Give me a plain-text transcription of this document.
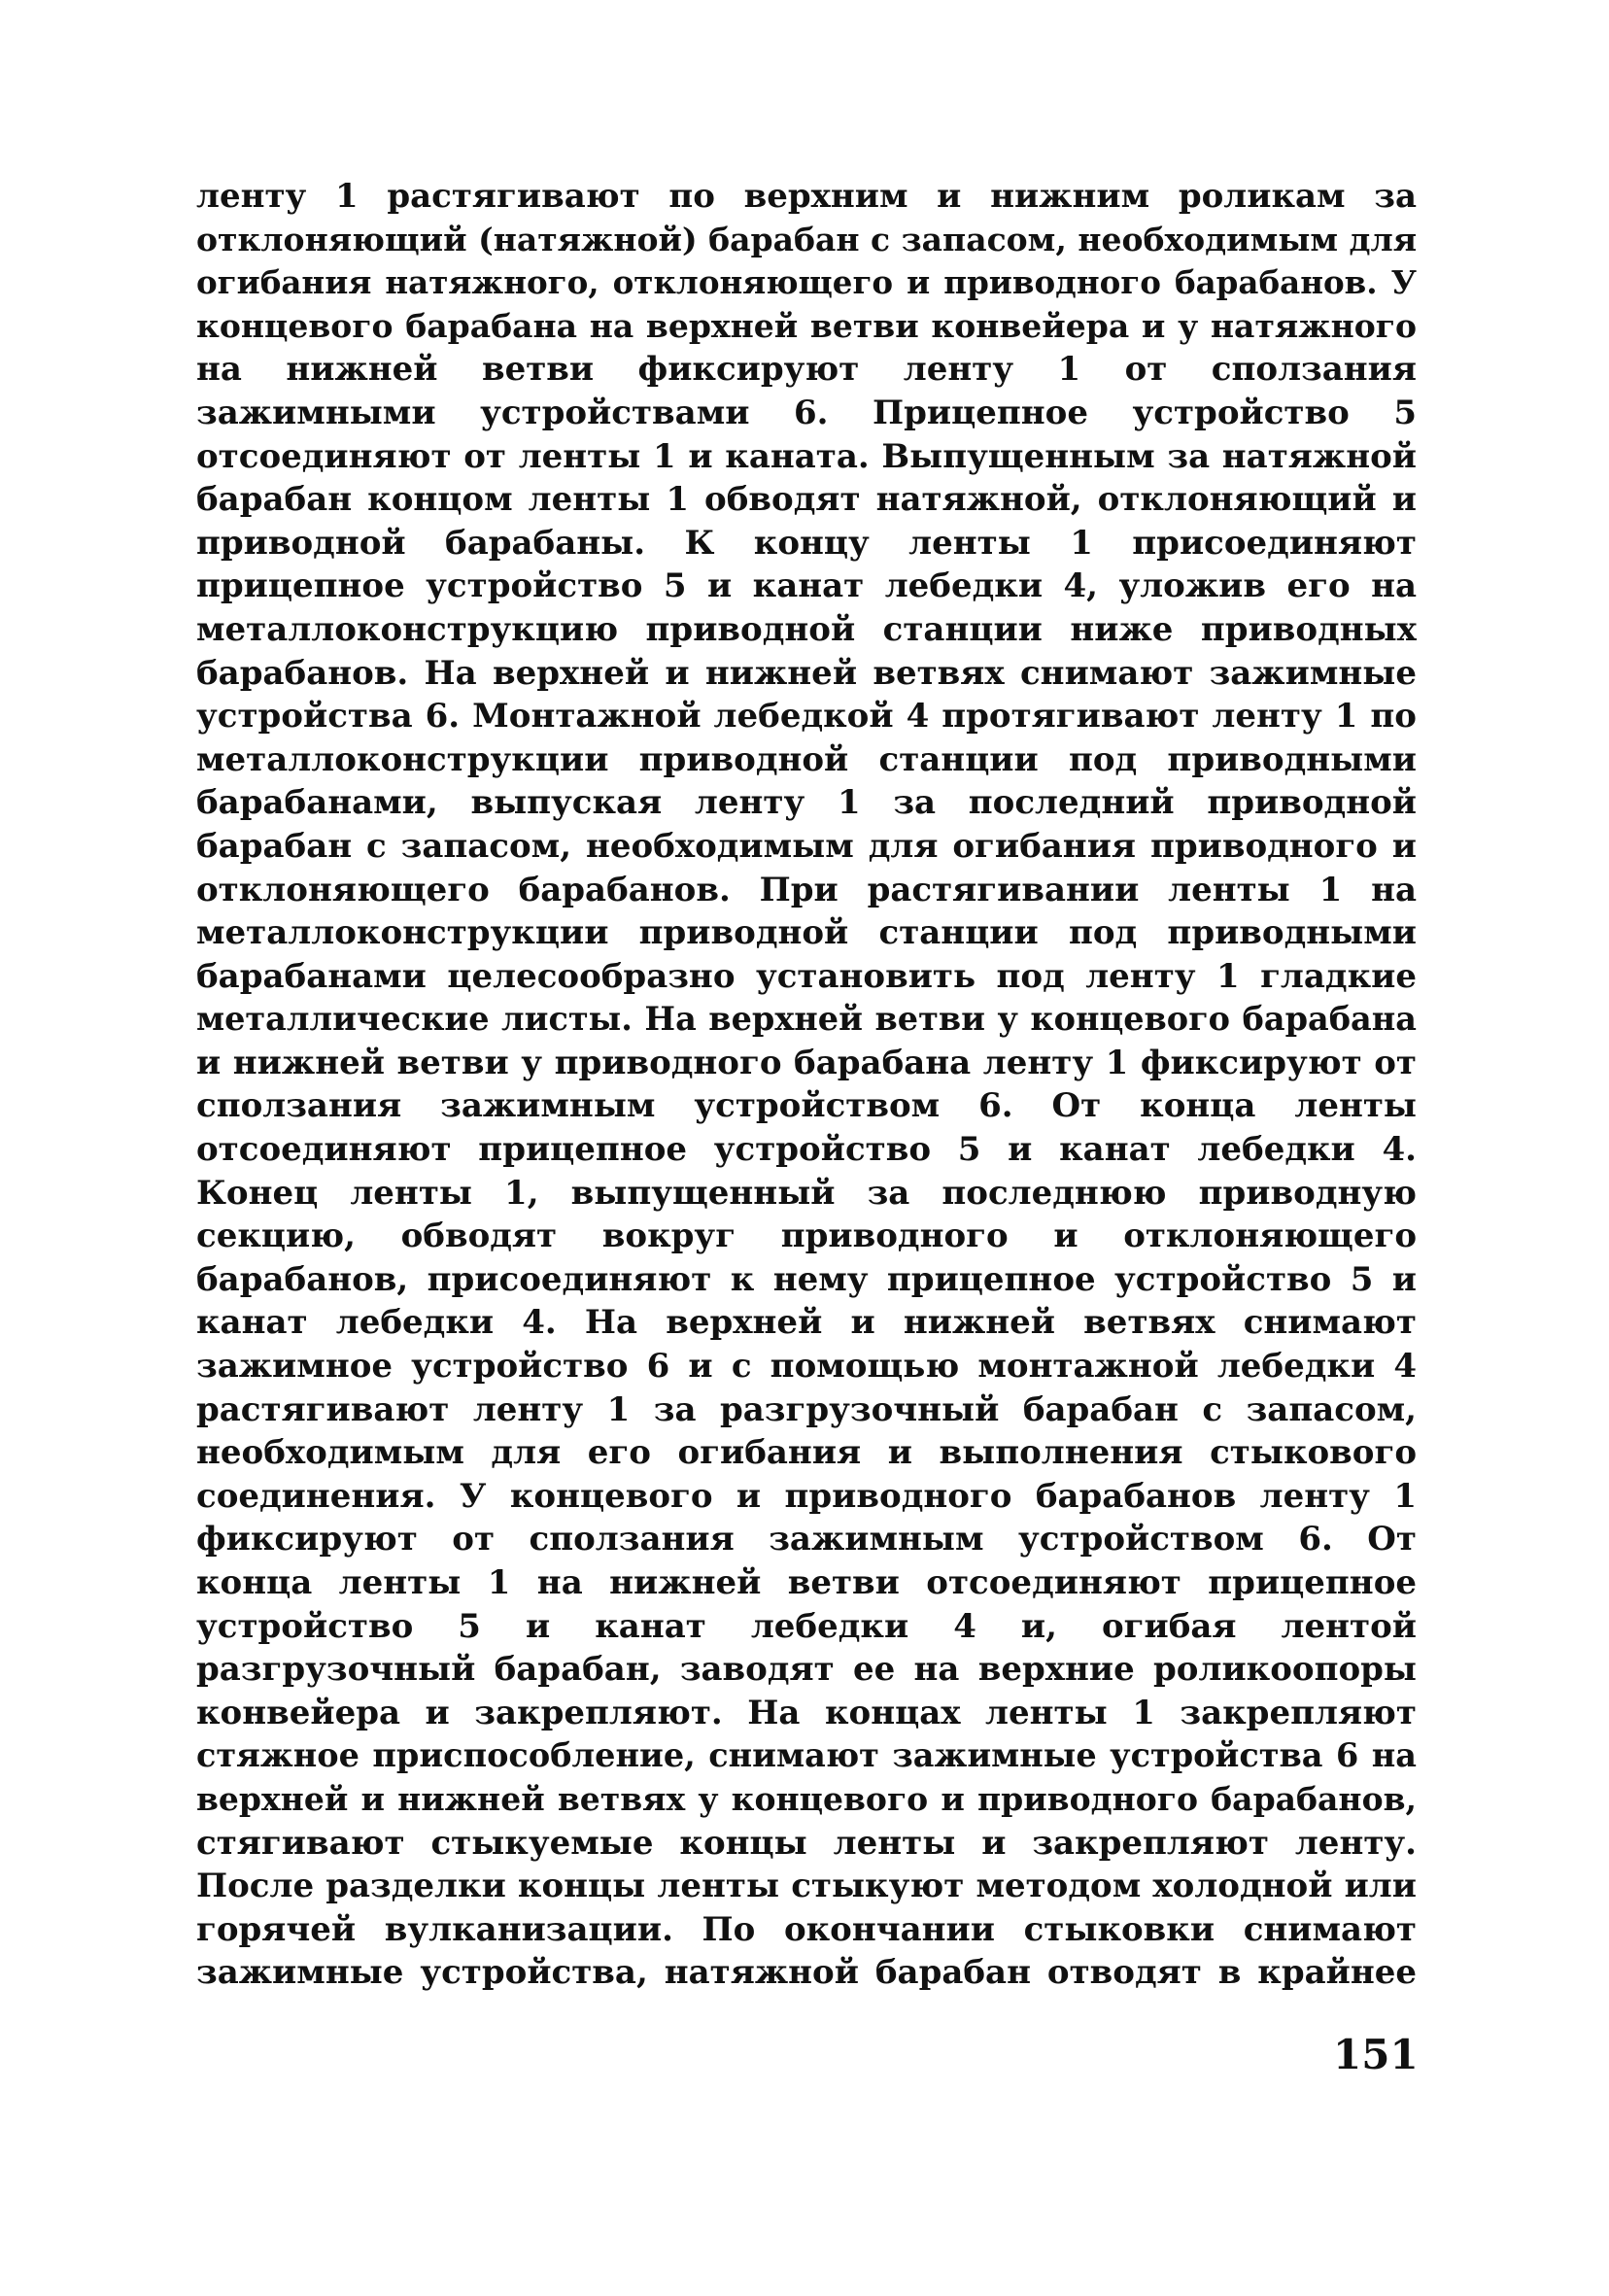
ленту 1 растягивают по верхним и нижним роликам за
отклоняющий (натяжной) барабан с запасом, необходимым для
огибания натяжного, отклоняющего и приводного барабанов. У
концевого барабана на верхней ветви конвейера и у натяжного
на нижней ветви фиксируют ленту 1 от сползания
зажимными устройствами 6. Прицепное устройство 5
отсоединяют от ленты 1 и каната. Выпущенным за натяжной
барабан концом ленты 1 обводят натяжной, отклоняющий и
приводной барабаны. К концу ленты 1 присоединяют
прицепное устройство 5 и канат лебедки 4, уложив его на
металлоконструкцию приводной станции ниже приводных
барабанов. На верхней и нижней ветвях снимают зажимные
устройства 6. Монтажной лебедкой 4 протягивают ленту 1 по
металлоконструкции приводной станции под приводными
барабанами, выпуская ленту 1 за последний приводной
барабан с запасом, необходимым для огибания приводного и
отклоняющего барабанов. При растягивании ленты 1 на
металлоконструкции приводной станции под приводными
барабанами целесообразно установить под ленту 1 гладкие
металлические листы. На верхней ветви у концевого барабана
и нижней ветви у приводного барабана ленту 1 фиксируют от
сползания зажимным устройством 6. От конца ленты
отсоединяют прицепное устройство 5 и канат лебедки 4.
Конец ленты 1, выпущенный за последнюю приводную
секцию, обводят вокруг приводного и отклоняющего
барабанов, присоединяют к нему прицепное устройство 5 и
канат лебедки 4. На верхней и нижней ветвях снимают
зажимное устройство 6 и с помощью монтажной лебедки 4
растягивают ленту 1 за разгрузочный барабан с запасом,
необходимым для его огибания и выполнения стыкового
соединения. У концевого и приводного барабанов ленту 1
фиксируют от сползания зажимным устройством 6. От
конца ленты 1 на нижней ветви отсоединяют прицепное
устройство 5 и канат лебедки 4 и, огибая лентой
разгрузочный барабан, заводят ее на верхние роликоопоры
конвейера и закрепляют. На концах ленты 1 закрепляют
стяжное приспособление, снимают зажимные устройства 6 на
верхней и нижней ветвях у концевого и приводного барабанов,
стягивают стыкуемые концы ленты и закрепляют ленту.
После разделки концы ленты стыкуют методом холодной или
горячей вулканизации. По окончании стыковки снимают
зажимные устройства, натяжной барабан отводят в крайнее
151
